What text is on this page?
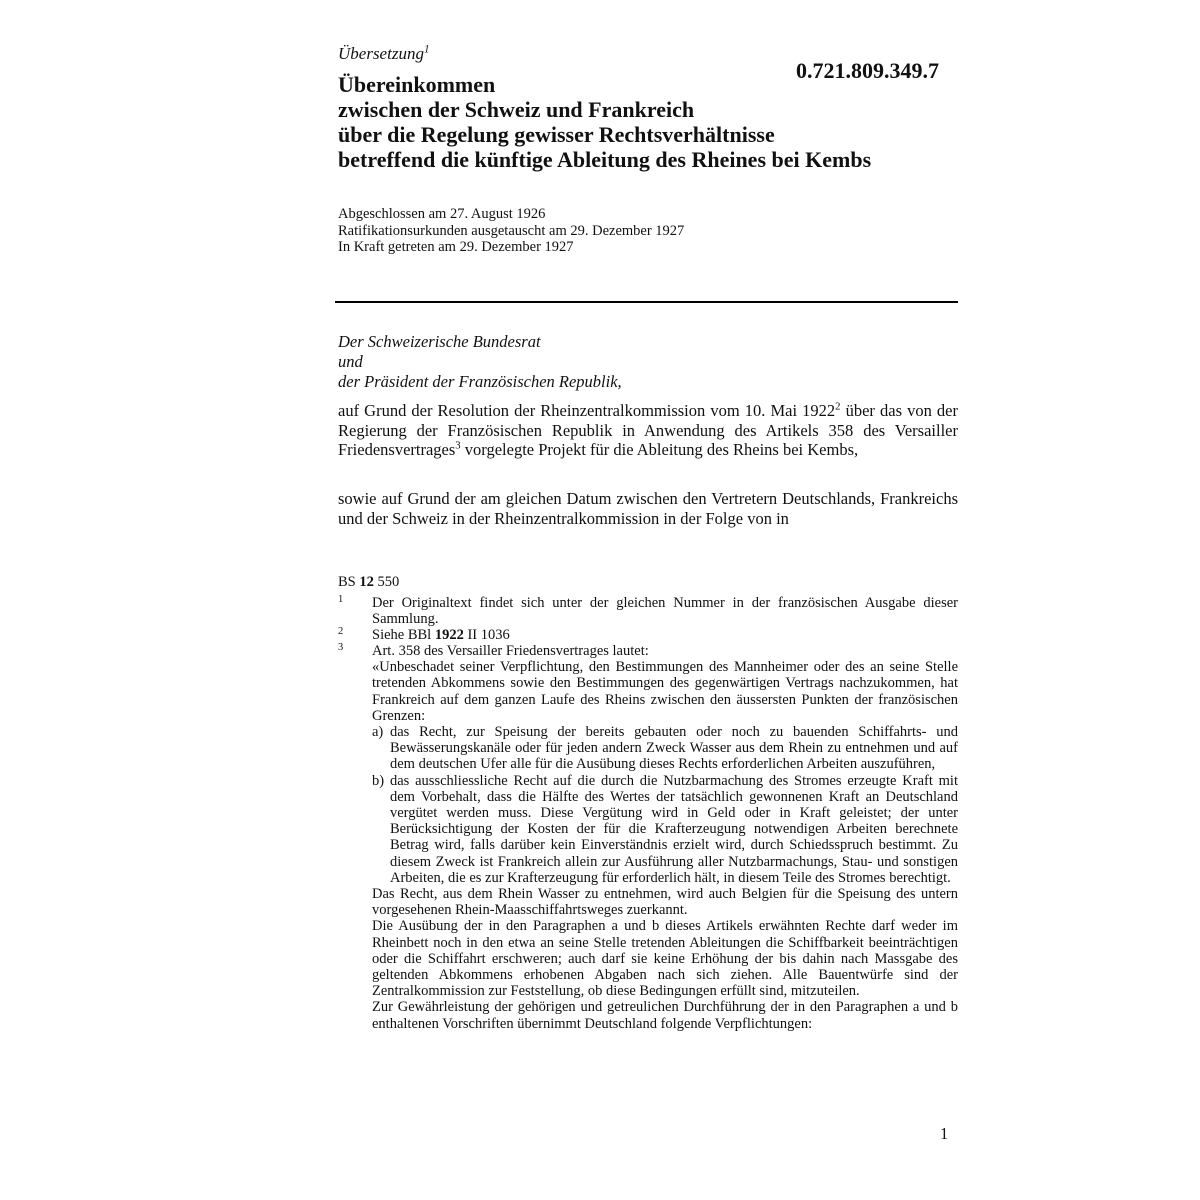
Übersetzung$^1$
0.721.809.349.7
Übereinkommen
zwischen der Schweiz und Frankreich
über die Regelung gewisser Rechtsverhältnisse
betreffend die künftige Ableitung des Rheines bei Kembs
Abgeschlossen am 27. August 1926
Ratifikationsurkunden ausgetauscht am 29. Dezember 1927
In Kraft getreten am 29. Dezember 1927
Der Schweizerische Bundesrat
und
der Präsident der Französischen Republik,
auf Grund der Resolution der Rheinzentralkommission vom 10. Mai 1922$^2$ über das von der Regierung der Französischen Republik in Anwendung des Artikels 358 des Versailler Friedensvertrages$^3$ vorgelegte Projekt für die Ableitung des Rheins bei Kembs,
sowie auf Grund der am gleichen Datum zwischen den Vertretern Deutschlands, Frankreichs und der Schweiz in der Rheinzentralkommission in der Folge von in
BS 12 550
1 Der Originaltext findet sich unter der gleichen Nummer in der französischen Ausgabe dieser Sammlung.
2 Siehe BBl 1922 II 1036
3 Art. 358 des Versailler Friedensvertrages lautet:

«Unbeschadet seiner Verpflichtung, den Bestimmungen des Mannheimer oder des an seine Stelle tretenden Abkommens sowie den Bestimmungen des gegenwärtigen Vertrags nachzukommen, hat Frankreich auf dem ganzen Laufe des Rheins zwischen den äussersten Punkten der französischen Grenzen:

a) das Recht, zur Speisung der bereits gebauten oder noch zu bauenden Schiffahrts- und Bewässerungskanäle oder für jeden andern Zweck Wasser aus dem Rhein zu entnehmen und auf dem deutschen Ufer alle für die Ausübung dieses Rechts erforderlichen Arbeiten auszuführen,
b) das ausschliessliche Recht auf die durch die Nutzbarmachung des Stromes erzeugte Kraft mit dem Vorbehalt, dass die Hälfte des Wertes der tatsächlich gewonnenen Kraft an Deutschland vergütet werden muss. Diese Vergütung wird in Geld oder in Kraft geleistet; der unter Berücksichtigung der Kosten der für die Krafterzeugung notwendigen Arbeiten berechnete Betrag wird, falls darüber kein Einverständnis erzielt wird, durch Schiedsspruch bestimmt. Zu diesem Zweck ist Frankreich allein zur Ausführung aller Nutzbarmachungs, Stau- und sonstigen Arbeiten, die es zur Krafterzeugung für erforderlich hält, in diesem Teile des Stromes berechtigt.

Das Recht, aus dem Rhein Wasser zu entnehmen, wird auch Belgien für die Speisung des untern vorgesehenen Rhein-Maasschiffahrtsweges zuerkannt.

Die Ausübung der in den Paragraphen a und b dieses Artikels erwähnten Rechte darf weder im Rheinbett noch in den etwa an seine Stelle tretenden Ableitungen die Schiffbarkeit beeinträchtigen oder die Schiffahrt erschweren; auch darf sie keine Erhöhung der bis dahin nach Massgabe des geltenden Abkommens erhobenen Abgaben nach sich ziehen. Alle Bauentwürfe sind der Zentralkommission zur Feststellung, ob diese Bedingungen erfüllt sind, mitzuteilen.

Zur Gewährleistung der gehörigen und getreulichen Durchführung der in den Paragraphen a und b enthaltenen Vorschriften übernimmt Deutschland folgende Verpflichtungen:

1
